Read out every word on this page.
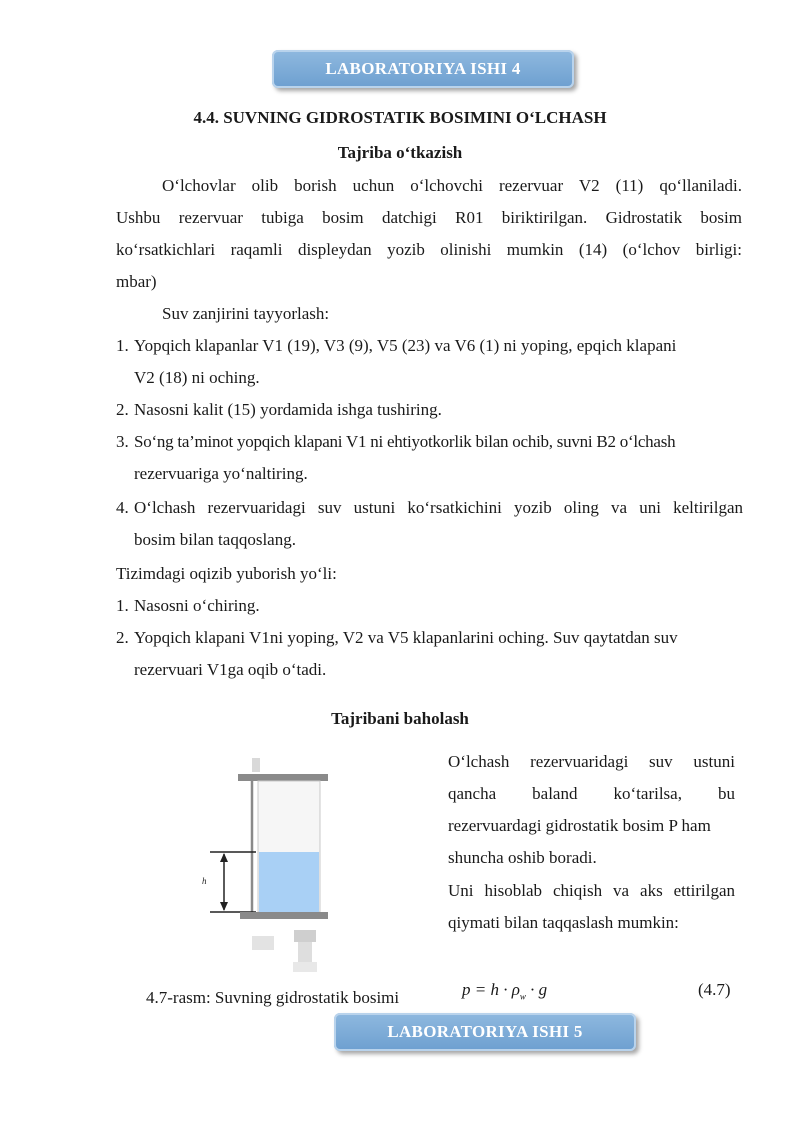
LABORATORIYA ISHI 4
4.4. SUVNING GIDROSTATIK BOSIMINI O‘LCHASH
Tajriba o‘tkazish
O‘lchovlar olib borish uchun o‘lchovchi rezervuar V2 (11) qo‘llaniladi.
Ushbu rezervuar tubiga bosim datchigi R01 biriktirilgan. Gidrostatik bosim
ko‘rsatkichlari raqamli displeydan yozib olinishi mumkin (14) (o‘lchov birligi:
mbar)
Suv zanjirini tayyorlash:
1. Yopqich klapanlar V1 (19), V3 (9), V5 (23) va V6 (1) ni yoping, epqich klapani
V2 (18) ni oching.
2. Nasosni kalit (15) yordamida ishga tushiring.
3. So‘ng ta’minot yopqich klapani V1 ni ehtiyotkorlik bilan ochib, suvni B2 o‘lchash
rezervuariga yo‘naltiring.
4. O‘lchash rezervuaridagi suv ustuni ko‘rsatkichini yozib oling va uni keltirilgan
bosim bilan taqqoslang.
Tizimdagi oqizib yuborish yo‘li:
1. Nasosni o‘chiring.
2. Yopqich klapani V1ni yoping, V2 va V5 klapanlarini oching. Suv qaytatdan suv
rezervuari V1ga oqib o‘tadi.
Tajribani baholash
O‘lchash rezervuaridagi suv ustuni
qancha baland ko‘tarilsa, bu
rezervuardagi gidrostatik bosim P ham
shuncha oshib boradi.
Uni hisoblab chiqish va aks ettirilgan
qiymati bilan taqqaslash mumkin:
h
$p = h \cdot \rho_w \cdot g$	(4.7)
4.7-rasm: Suvning gidrostatik bosimi
LABORATORIYA ISHI 5
